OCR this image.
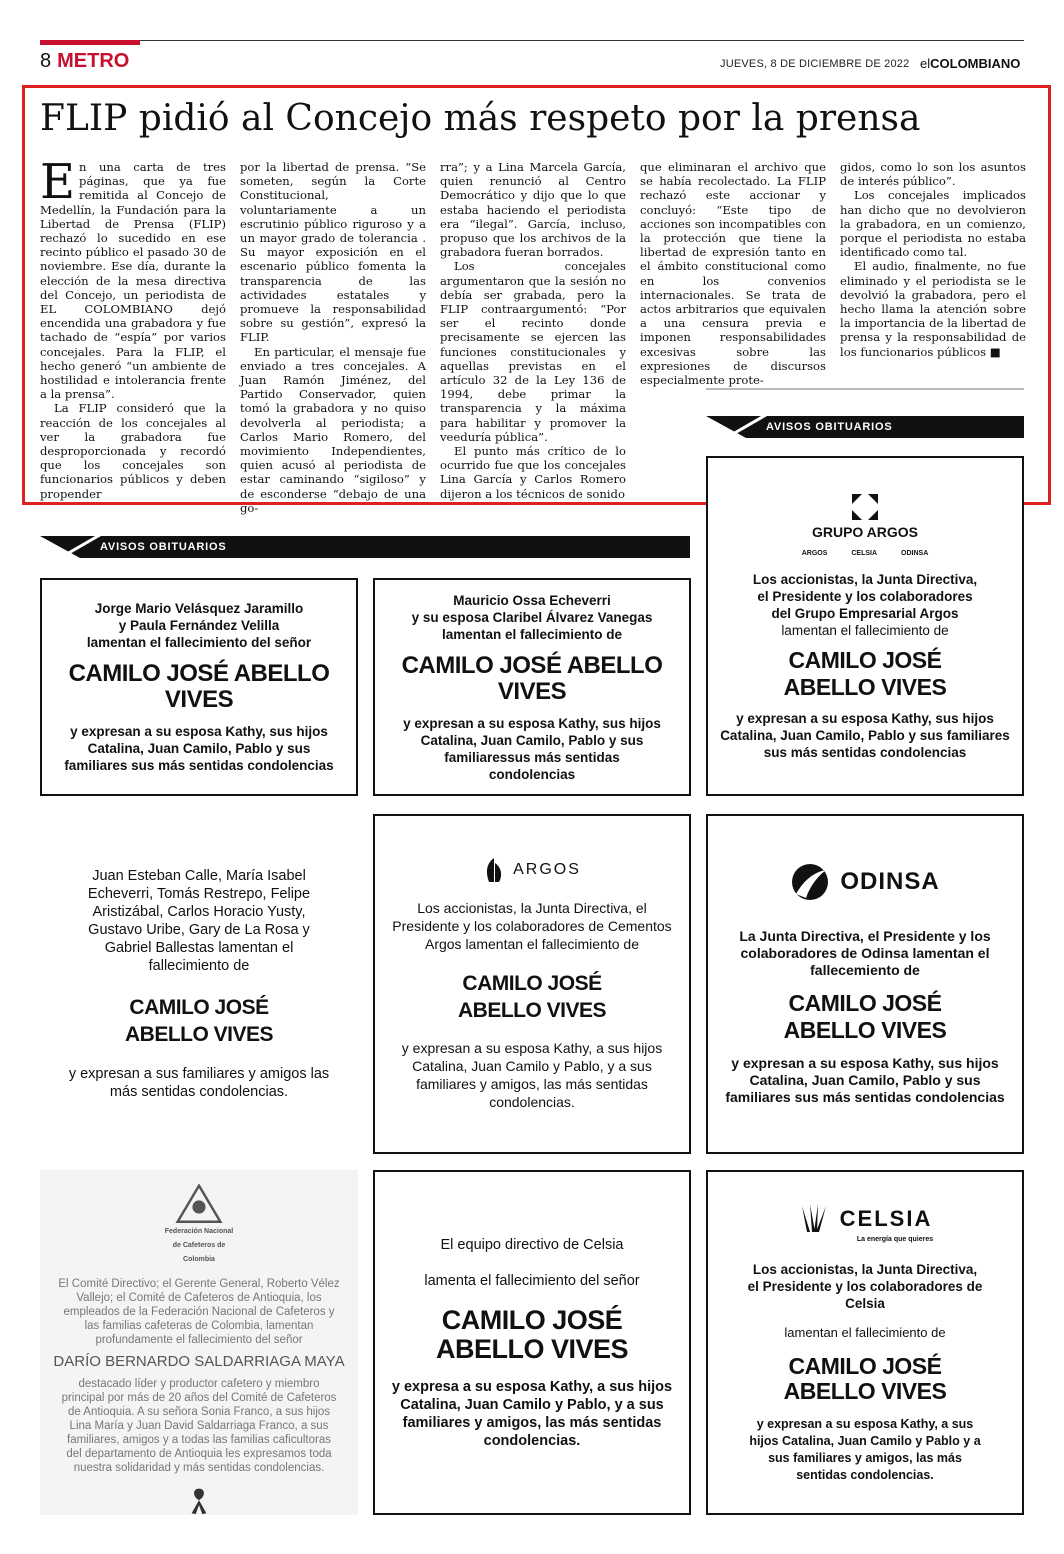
8 METRO	JUEVES, 8 DE DICIEMBRE DE 2022 elCOLOMBIANO
FLIP pidió al Concejo más respeto por la prensa

En una carta de tres páginas, que ya fue remitida al Concejo de Medellín, la Fundación para la Libertad de Prensa (FLIP) rechazó lo sucedido en ese recinto público el pasado 30 de noviembre. Ese día, durante la elección de la mesa directiva del Concejo, un periodista de EL COLOMBIANO dejó encendida una grabadora y fue tachado de “espía” por varios concejales. Para la FLIP, el hecho generó “un ambiente de hostilidad e intolerancia frente a la prensa”.

La FLIP consideró que la reacción de los concejales al ver la grabadora fue desproporcionada y recordó que los concejales son funcionarios públicos y deben propender

por la libertad de prensa. “Se someten, según la Corte Constitucional, voluntariamente a un escrutinio público riguroso y a un mayor grado de tolerancia . Su mayor exposición en el escenario público fomenta la transparencia de las actividades estatales y promueve la responsabilidad sobre su gestión”, expresó la FLIP.

En particular, el mensaje fue enviado a tres concejales. A Juan Ramón Jiménez, del Partido Conservador, quien tomó la grabadora y no quiso devolverla al periodista; a Carlos Mario Romero, del movimiento Independientes, quien acusó al periodista de estar caminando “sigiloso” y de esconderse “debajo de una go-

rra”; y a Lina Marcela García, quien renunció al Centro Democrático y dijo que lo que estaba haciendo el periodista era “ilegal”. García, incluso, propuso que los archivos de la grabadora fueran borrados.

Los concejales argumentaron que la sesión no debía ser grabada, pero la FLIP contraargumentó: “Por ser el recinto donde precisamente se ejercen las funciones constitucionales y aquellas previstas en el artículo 32 de la Ley 136 de 1994, debe primar la transparencia y la máxima para habilitar y promover la veeduría pública”.

El punto más crítico de lo ocurrido fue que los concejales Lina García y Carlos Romero dijeron a los técnicos de sonido

que eliminaran el archivo que se había recolectado. La FLIP rechazó este accionar y concluyó: “Este tipo de acciones son incompatibles con la protección que tiene la libertad de expresión tanto en el ámbito constitucional como en los convenios internacionales. Se trata de actos arbitrarios que equivalen a una censura previa e imponen responsabilidades excesivas sobre las expresiones de discursos especialmente prote-

gidos, como lo son los asuntos de interés público”.

Los concejales implicados han dicho que no devolvieron la grabadora, en un comienzo, porque el periodista no estaba identificado como tal.

El audio, finalmente, no fue eliminado y el periodista se le devolvió la grabadora, pero el hecho llama la atención sobre la importancia de la libertad de prensa y la responsabilidad de los funcionarios públicos ■

AVISOS OBITUARIOS
AVISOS OBITUARIOS
Jorge Mario Velásquez Jaramillo
y Paula Fernández Velilla
lamentan el fallecimiento del señor
CAMILO JOSÉ ABELLO VIVES
y expresan a su esposa Kathy, sus hijos Catalina, Juan Camilo, Pablo y sus familiares sus más sentidas condolencias
Mauricio Ossa Echeverri
y su esposa Claribel Álvarez Vanegas
lamentan el fallecimiento de
CAMILO JOSÉ ABELLO VIVES
y expresan a su esposa Kathy, sus hijos Catalina, Juan Camilo, Pablo y sus familiaressus más sentidas condolencias
GRUPO ARGOS
ARGOS	CELSIA	ODINSA
Los accionistas, la Junta Directiva, el Presidente y los colaboradores del Grupo Empresarial Argos
lamentan el fallecimiento de
CAMILO JOSÉ
ABELLO VIVES
y expresan a su esposa Kathy, sus hijos Catalina, Juan Camilo, Pablo y sus familiares sus más sentidas condolencias
Juan Esteban Calle, María Isabel Echeverri, Tomás Restrepo, Felipe Aristizábal, Carlos Horacio Yusty, Gustavo Uribe, Gary de La Rosa y Gabriel Ballestas lamentan el fallecimiento de
CAMILO JOSÉ
ABELLO VIVES
y expresan a sus familiares y amigos las más sentidas condolencias.
ARGOS
Los accionistas, la Junta Directiva, el Presidente y los colaboradores de Cementos Argos lamentan el fallecimiento de
CAMILO JOSÉ
ABELLO VIVES
y expresan a su esposa Kathy, a sus hijos Catalina, Juan Camilo y Pablo, y a sus familiares y amigos, las más sentidas condolencias.
ODINSA
La Junta Directiva, el Presidente y los colaboradores de Odinsa lamentan el fallecemiento de
CAMILO JOSÉ
ABELLO VIVES
y expresan a su esposa Kathy, sus hijos Catalina, Juan Camilo, Pablo y sus familiares sus más sentidas condolencias
Federación Nacional de Cafeteros de Colombia
El Comité Directivo; el Gerente General, Roberto Vélez Vallejo; el Comité de Cafeteros de Antioquia, los empleados de la Federación Nacional de Cafeteros y las familias cafeteras de Colombia, lamentan profundamente el fallecimiento del señor
DARÍO BERNARDO SALDARRIAGA MAYA
destacado líder y productor cafetero y miembro principal por más de 20 años del Comité de Cafeteros de Antioquia. A su señora Sonia Franco, a sus hijos Lina María y Juan David Saldarriaga Franco, a sus familiares, amigos y a todas las familias caficultoras del departamento de Antioquia les expresamos toda nuestra solidaridad y más sentidas condolencias.
El equipo directivo de Celsia
lamenta el fallecimiento del señor
CAMILO JOSÉ
ABELLO VIVES
y expresa a su esposa Kathy, a sus hijos Catalina, Juan Camilo y Pablo, y a sus familiares y amigos, las más sentidas condolencias.
CELSIA
La energía que quieres
Los accionistas, la Junta Directiva, el Presidente y los colaboradores de Celsia
lamentan el fallecimiento de
CAMILO JOSÉ
ABELLO VIVES
y expresan a su esposa Kathy, a sus hijos Catalina, Juan Camilo y Pablo y a sus familiares y amigos, las más sentidas condolencias.
